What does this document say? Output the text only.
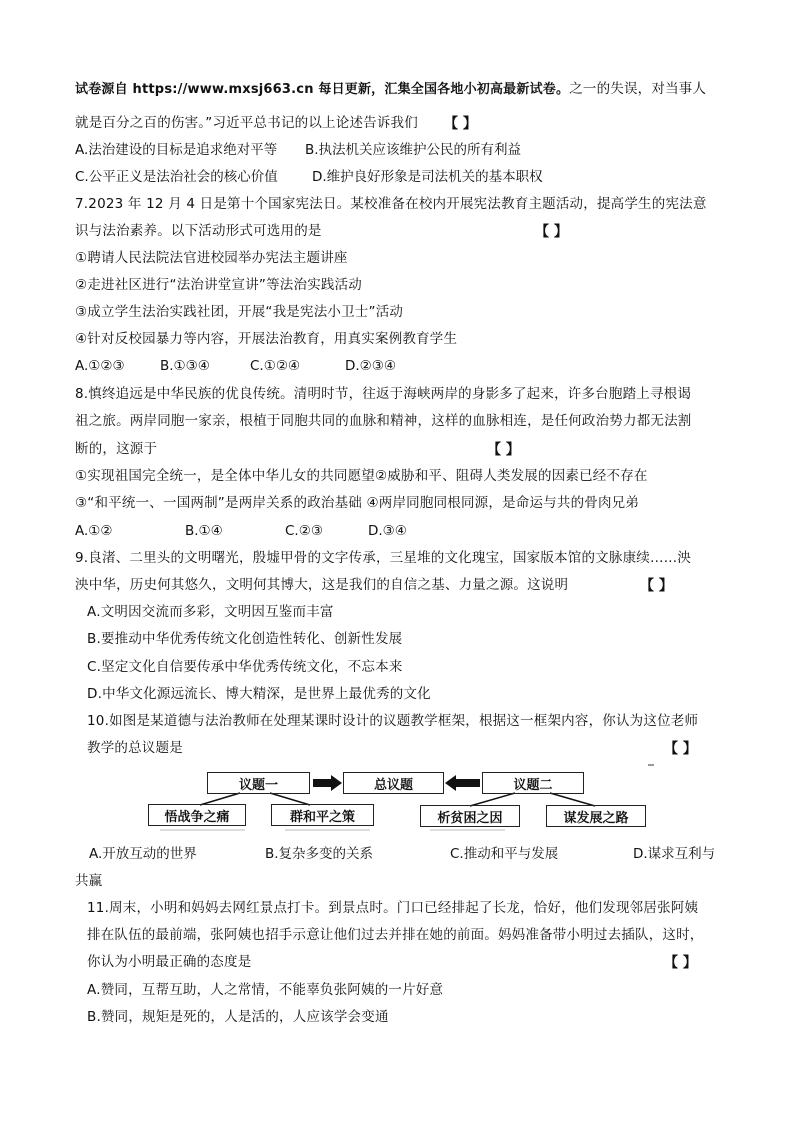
试卷源自 https://www.mxsj663.cn 每日更新，汇集全国各地小初高最新试卷。之一的失误，对当事人
就是百分之百的伤害。”习近平总书记的以上论述告诉我们 【 】
A.法治建设的目标是追求绝对平等 B.执法机关应该维护公民的所有利益
C.公平正义是法治社会的核心价值	D.维护良好形象是司法机关的基本职权
7.2023 年 12 月 4 日是第十个国家宪法日。某校准备在校内开展宪法教育主题活动，提高学生的宪法意
识与法治素养。以下活动形式可选用的是	【 】
①聘请人民法院法官进校园举办宪法主题讲座
②走进社区进行“法治讲堂宣讲”等法治实践活动
③成立学生法治实践社团，开展“我是宪法小卫士”活动
④针对反校园暴力等内容，开展法治教育，用真实案例教育学生
A.①②③	B.①③④	C.①②④	D.②③④
8.慎终追远是中华民族的优良传统。清明时节，往返于海峡两岸的身影多了起来，许多台胞踏上寻根谒
祖之旅。两岸同胞一家亲，根植于同胞共同的血脉和精神，这样的血脉相连，是任何政治势力都无法割
断的，这源于	【 】
①实现祖国完全统一，是全体中华儿女的共同愿望②威胁和平、阻碍人类发展的因素已经不存在
③“和平统一、一国两制”是两岸关系的政治基础 ④两岸同胞同根同源，是命运与共的骨肉兄弟
A.①②	B.①④	C.②③	D.③④
9.良渚、二里头的文明曙光，殷墟甲骨的文字传承，三星堆的文化瑰宝，国家版本馆的文脉康续……泱
泱中华，历史何其悠久，文明何其博大，这是我们的自信之基、力量之源。这说明	【 】
A.文明因交流而多彩，文明因互鉴而丰富
B.要推动中华优秀传统文化创造性转化、创新性发展
C.坚定文化自信要传承中华优秀传统文化，不忘本来
D.中华文化源远流长、博大精深，是世界上最优秀的文化
10.如图是某道德与法治教师在处理某课时设计的议题教学框架，根据这一框架内容，你认为这位老师
教学的总议题是	【 】
议题一	总议题	议题二
悟战争之痛	群和平之策	析贫困之因	谋发展之路
A.开放互动的世界	B.复杂多变的关系	C.推动和平与发展	D.谋求互利与
共赢
11.周末，小明和妈妈去网红景点打卡。到景点时。门口已经排起了长龙，恰好，他们发现邻居张阿姨
排在队伍的最前端，张阿姨也招手示意让他们过去并排在她的前面。妈妈准备带小明过去插队，这时，
你认为小明最正确的态度是	【 】
A.赞同，互帮互助，人之常情，不能辜负张阿姨的一片好意
B.赞同，规矩是死的，人是活的，人应该学会变通
